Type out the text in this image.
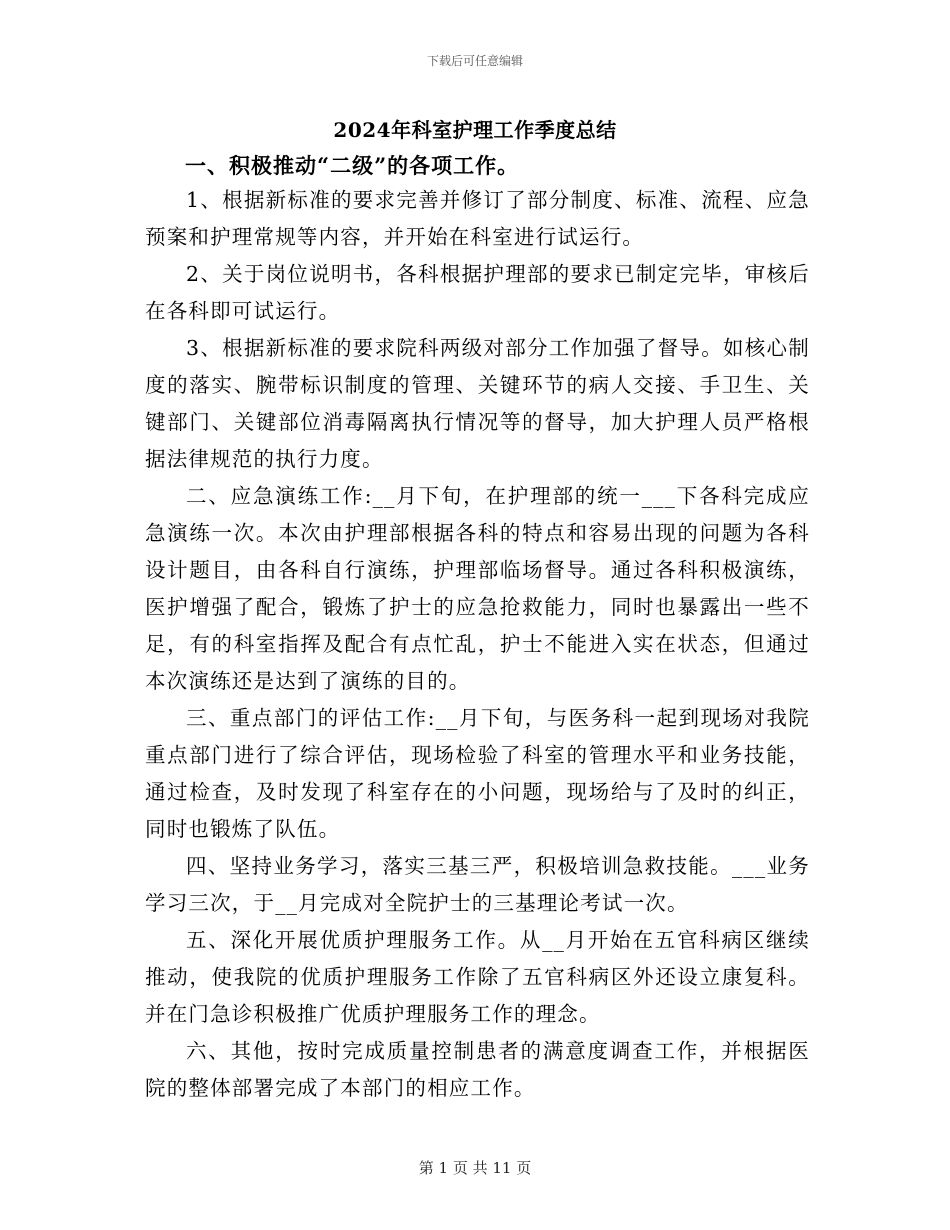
下载后可任意编辑
2024年科室护理工作季度总结
一、积极推动“二级”的各项工作。

1、根据新标准的要求完善并修订了部分制度、标准、流程、应急预案和护理常规等内容，并开始在科室进行试运行。

2、关于岗位说明书，各科根据护理部的要求已制定完毕，审核后在各科即可试运行。

3、根据新标准的要求院科两级对部分工作加强了督导。如核心制度的落实、腕带标识制度的管理、关键环节的病人交接、手卫生、关键部门、关键部位消毒隔离执行情况等的督导，加大护理人员严格根据法律规范的执行力度。

二、应急演练工作:__月下旬，在护理部的统一___下各科完成应急演练一次。本次由护理部根据各科的特点和容易出现的问题为各科设计题目，由各科自行演练，护理部临场督导。通过各科积极演练，医护增强了配合，锻炼了护士的应急抢救能力，同时也暴露出一些不足，有的科室指挥及配合有点忙乱，护士不能进入实在状态，但通过本次演练还是达到了演练的目的。

三、重点部门的评估工作:__月下旬，与医务科一起到现场对我院重点部门进行了综合评估，现场检验了科室的管理水平和业务技能，通过检查，及时发现了科室存在的小问题，现场给与了及时的纠正，同时也锻炼了队伍。

四、坚持业务学习，落实三基三严，积极培训急救技能。___业务学习三次，于__月完成对全院护士的三基理论考试一次。

五、深化开展优质护理服务工作。从__月开始在五官科病区继续推动，使我院的优质护理服务工作除了五官科病区外还设立康复科。并在门急诊积极推广优质护理服务工作的理念。

六、其他，按时完成质量控制患者的满意度调查工作，并根据医院的整体部署完成了本部门的相应工作。

第 1 页 共 11 页
